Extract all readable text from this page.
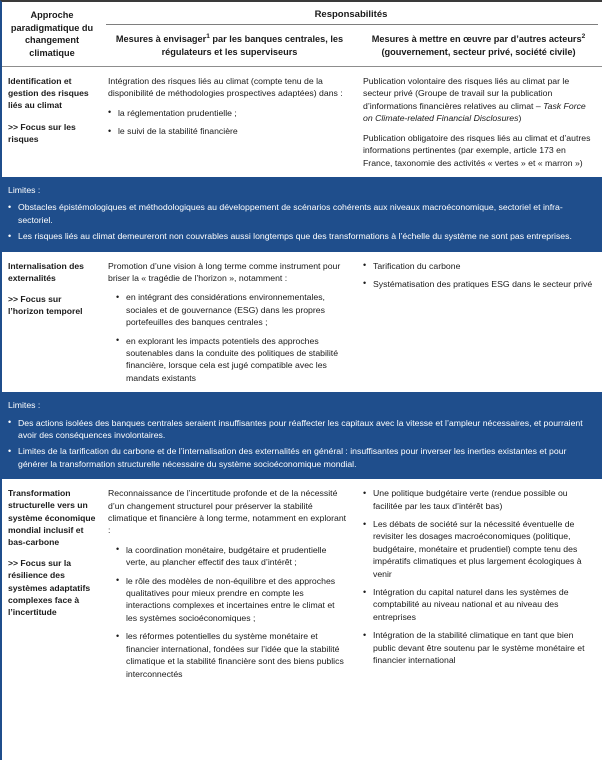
Approche paradigmatique du changement climatique
Responsabilités
Mesures à envisager$^1$ par les banques centrales, les régulateurs et les superviseurs
Mesures à mettre en œuvre par d’autres acteurs$^2$ (gouvernement, secteur privé, société civile)
Identification et gestion des risques liés au climat
>> Focus sur les risques
Intégration des risques liés au climat (compte tenu de la disponibilité de méthodologies prospectives adaptées) dans :
• la réglementation prudentielle ;
• le suivi de la stabilité financière
Publication volontaire des risques liés au climat par le secteur privé (Groupe de travail sur la publication d’informations financières relatives au climat – Task Force on Climate-related Financial Disclosures)
Publication obligatoire des risques liés au climat et d’autres informations pertinentes (par exemple, article 173 en France, taxonomie des activités « vertes » et « marron »)
Limites :
• Obstacles épistémologiques et méthodologiques au développement de scénarios cohérents aux niveaux macroéconomique, sectoriel et infra-sectoriel.
• Les risques liés au climat demeureront non couvrables aussi longtemps que des transformations à l’échelle du système ne sont pas entreprises.
Internalisation des externalités
>> Focus sur l’horizon temporel
Promotion d’une vision à long terme comme instrument pour briser la « tragédie de l’horizon », notamment :
• en intégrant des considérations environnementales, sociales et de gouvernance (ESG) dans les propres portefeuilles des banques centrales ;
• en explorant les impacts potentiels des approches soutenables dans la conduite des politiques de stabilité financière, lorsque cela est jugé compatible avec les mandats existants
• Tarification du carbone
• Systématisation des pratiques ESG dans le secteur privé
Limites :
• Des actions isolées des banques centrales seraient insuffisantes pour réaffecter les capitaux avec la vitesse et l’ampleur nécessaires, et pourraient avoir des conséquences involontaires.
• Limites de la tarification du carbone et de l’internalisation des externalités en général : insuffisantes pour inverser les inerties existantes et pour générer la transformation structurelle nécessaire du système socioéconomique mondial.
Transformation structurelle vers un système économique mondial inclusif et bas-carbone
>> Focus sur la résilience des systèmes adaptatifs complexes face à l’incertitude
Reconnaissance de l’incertitude profonde et de la nécessité d’un changement structurel pour préserver la stabilité climatique et financière à long terme, notamment en explorant :
• la coordination monétaire, budgétaire et prudentielle verte, au plancher effectif des taux d’intérêt ;
• le rôle des modèles de non-équilibre et des approches qualitatives pour mieux prendre en compte les interactions complexes et incertaines entre le climat et les systèmes socioéconomiques ;
• les réformes potentielles du système monétaire et financier international, fondées sur l’idée que la stabilité climatique et la stabilité financière sont des biens publics interconnectés
• Une politique budgétaire verte (rendue possible ou facilitée par les taux d’intérêt bas)
• Les débats de société sur la nécessité éventuelle de revisiter les dosages macroéconomiques (politique, budgétaire, monétaire et prudentiel) compte tenu des impératifs climatiques et plus largement écologiques à venir
• Intégration du capital naturel dans les systèmes de comptabilité au niveau national et au niveau des entreprises
• Intégration de la stabilité climatique en tant que bien public devant être soutenu par le système monétaire et financier international
